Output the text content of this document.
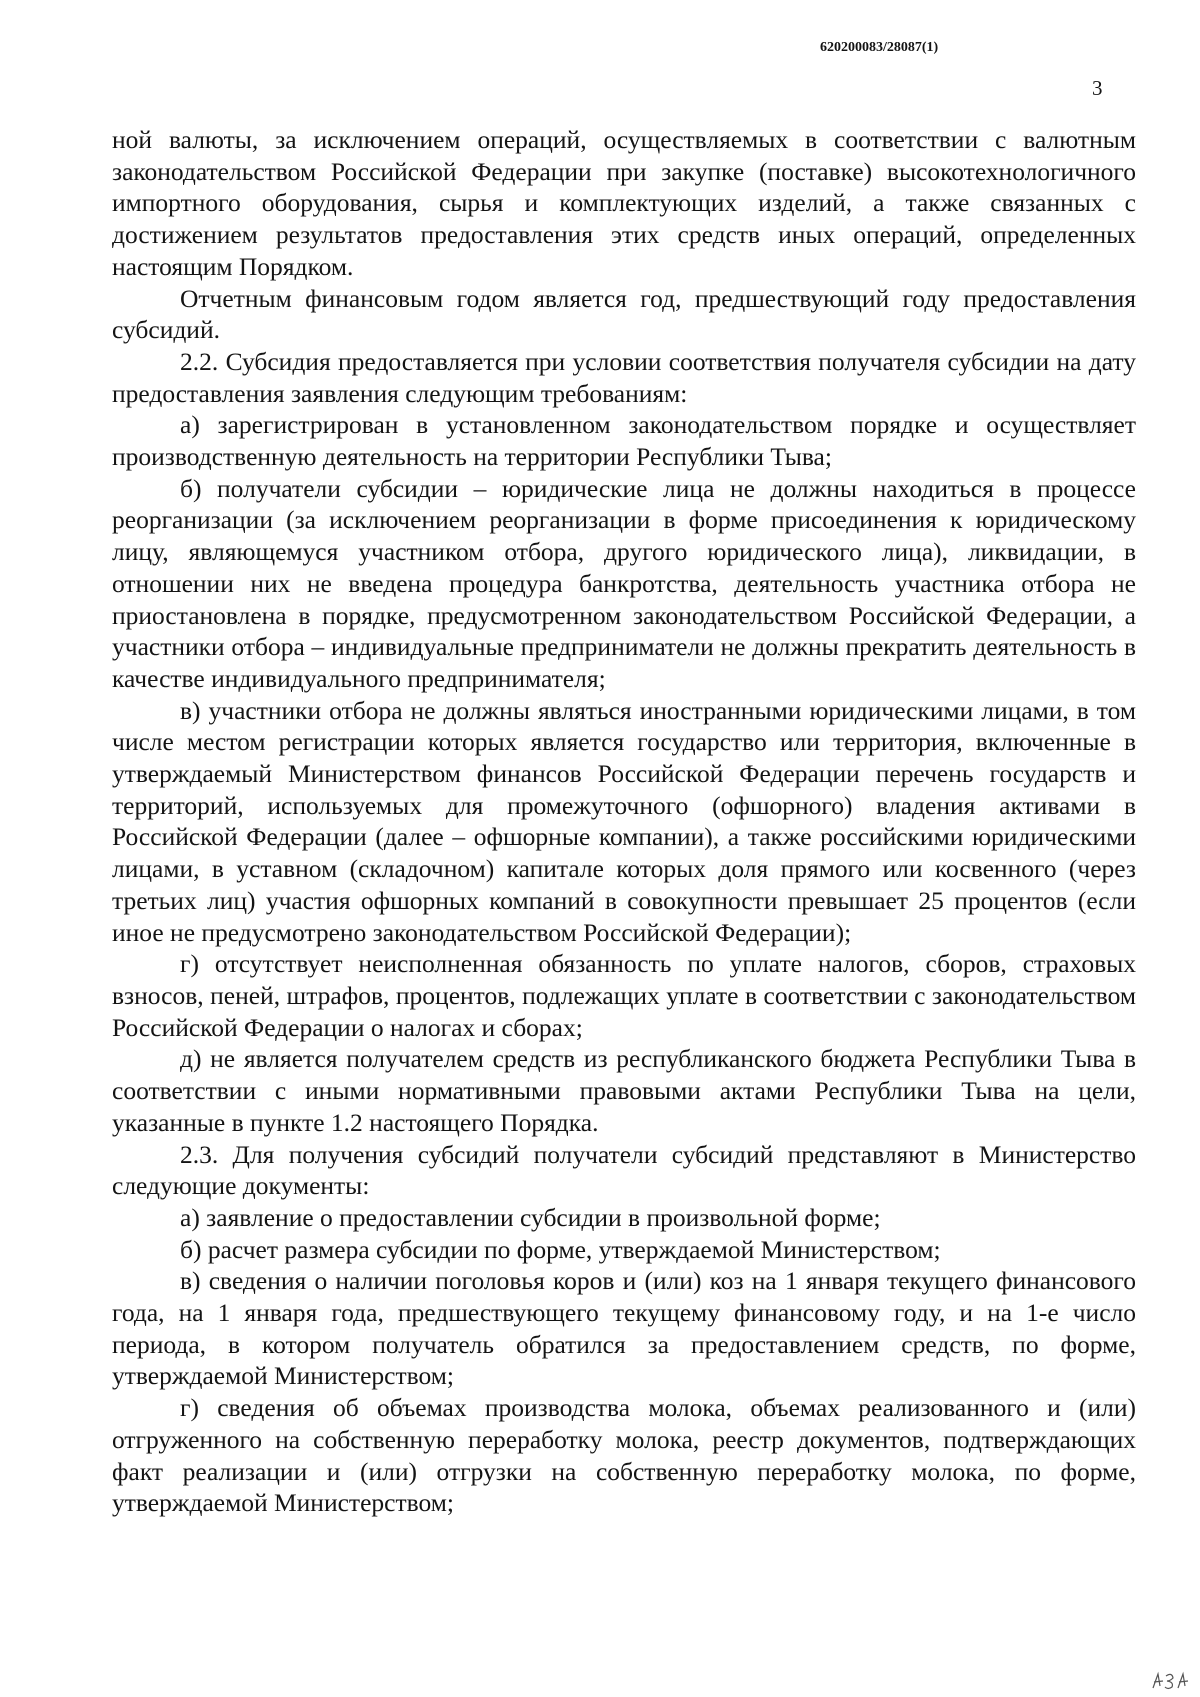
620200083/28087(1)
3

ной валюты, за исключением операций, осуществляемых в соответствии с валютным законодательством Российской Федерации при закупке (поставке) высокотехнологичного импортного оборудования, сырья и комплектующих изделий, а также связанных с достижением результатов предоставления этих средств иных операций, определенных настоящим Порядком.

Отчетным финансовым годом является год, предшествующий году предоставления субсидий.

2.2. Субсидия предоставляется при условии соответствия получателя субсидии на дату предоставления заявления следующим требованиям:

а) зарегистрирован в установленном законодательством порядке и осуществляет производственную деятельность на территории Республики Тыва;

б) получатели субсидии – юридические лица не должны находиться в процессе реорганизации (за исключением реорганизации в форме присоединения к юридическому лицу, являющемуся участником отбора, другого юридического лица), ликвидации, в отношении них не введена процедура банкротства, деятельность участника отбора не приостановлена в порядке, предусмотренном законодательством Российской Федерации, а участники отбора – индивидуальные предприниматели не должны прекратить деятельность в качестве индивидуального предпринимателя;

в) участники отбора не должны являться иностранными юридическими лицами, в том числе местом регистрации которых является государство или территория, включенные в утверждаемый Министерством финансов Российской Федерации перечень государств и территорий, используемых для промежуточного (офшорного) владения активами в Российской Федерации (далее – офшорные компании), а также российскими юридическими лицами, в уставном (складочном) капитале которых доля прямого или косвенного (через третьих лиц) участия офшорных компаний в совокупности превышает 25 процентов (если иное не предусмотрено законодательством Российской Федерации);

г) отсутствует неисполненная обязанность по уплате налогов, сборов, страховых взносов, пеней, штрафов, процентов, подлежащих уплате в соответствии с законодательством Российской Федерации о налогах и сборах;

д) не является получателем средств из республиканского бюджета Республики Тыва в соответствии с иными нормативными правовыми актами Республики Тыва на цели, указанные в пункте 1.2 настоящего Порядка.

2.3. Для получения субсидий получатели субсидий представляют в Министерство следующие документы:

а) заявление о предоставлении субсидии в произвольной форме;

б) расчет размера субсидии по форме, утверждаемой Министерством;

в) сведения о наличии поголовья коров и (или) коз на 1 января текущего финансового года, на 1 января года, предшествующего текущему финансовому году, и на 1-е число периода, в котором получатель обратился за предоставлением средств, по форме, утверждаемой Министерством;

г) сведения об объемах производства молока, объемах реализованного и (или) отгруженного на собственную переработку молока, реестр документов, подтверждающих факт реализации и (или) отгрузки на собственную переработку молока, по форме, утверждаемой Министерством;
